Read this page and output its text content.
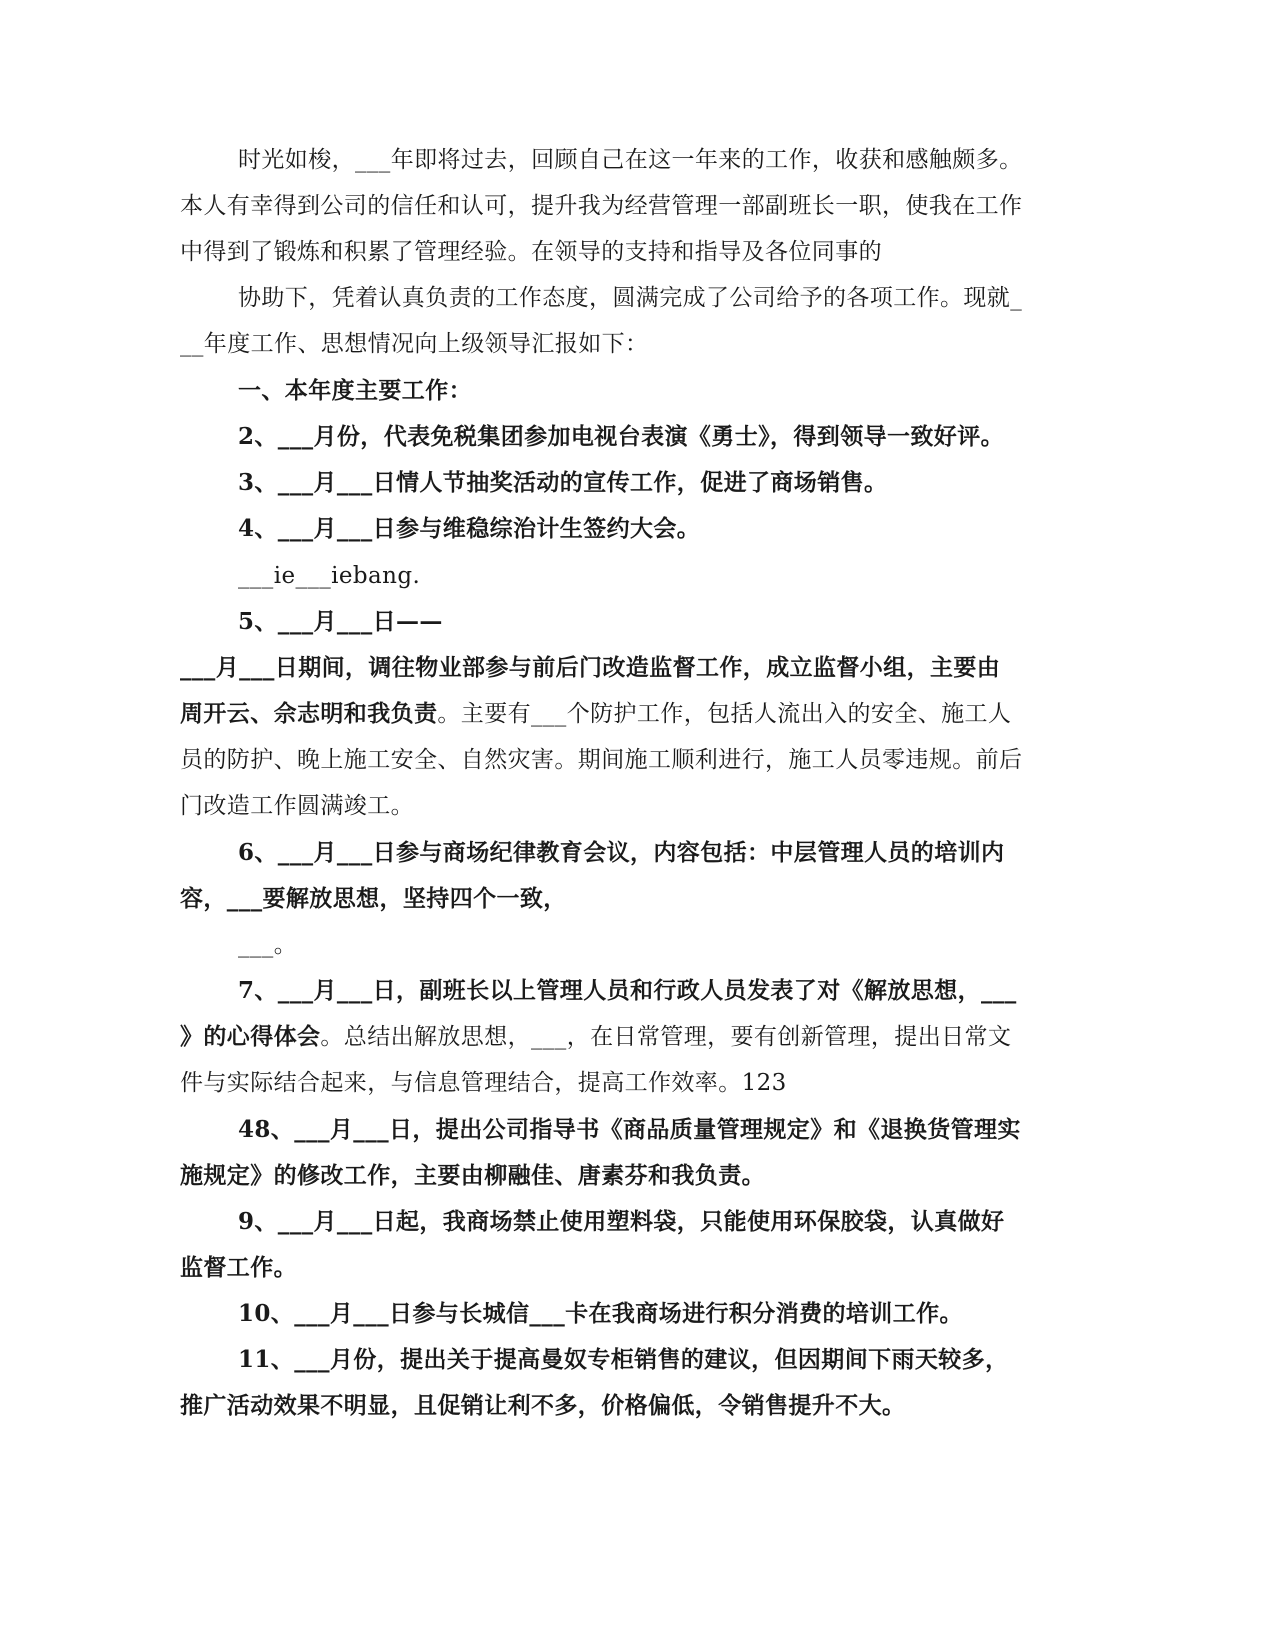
时光如梭，___年即将过去，回顾自己在这一年来的工作，收获和感触颇多。
本人有幸得到公司的信任和认可，提升我为经营管理一部副班长一职，使我在工作
中得到了锻炼和积累了管理经验。在领导的支持和指导及各位同事的
协助下，凭着认真负责的工作态度，圆满完成了公司给予的各项工作。现就_
__年度工作、思想情况向上级领导汇报如下：
一、本年度主要工作：
2、___月份，代表免税集团参加电视台表演《勇士》，得到领导一致好评。
3、___月___日情人节抽奖活动的宣传工作，促进了商场销售。
4、___月___日参与维稳综治计生签约大会。
___ie___iebang.
5、___月___日——
___月___日期间，调往物业部参与前后门改造监督工作，成立监督小组，主要由
周开云、佘志明和我负责。主要有___个防护工作，包括人流出入的安全、施工人
员的防护、晚上施工安全、自然灾害。期间施工顺利进行，施工人员零违规。前后
门改造工作圆满竣工。
6、___月___日参与商场纪律教育会议，内容包括：中层管理人员的培训内
容，___要解放思想，坚持四个一致，
___。
7、___月___日，副班长以上管理人员和行政人员发表了对《解放思想，___
》的心得体会。总结出解放思想，___，在日常管理，要有创新管理，提出日常文
件与实际结合起来，与信息管理结合，提高工作效率。123
48、___月___日，提出公司指导书《商品质量管理规定》和《退换货管理实
施规定》的修改工作，主要由柳融佳、唐素芬和我负责。
9、___月___日起，我商场禁止使用塑料袋，只能使用环保胶袋，认真做好
监督工作。
10、___月___日参与长城信___卡在我商场进行积分消费的培训工作。
11、___月份，提出关于提高曼奴专柜销售的建议，但因期间下雨天较多，
推广活动效果不明显，且促销让利不多，价格偏低，令销售提升不大。
